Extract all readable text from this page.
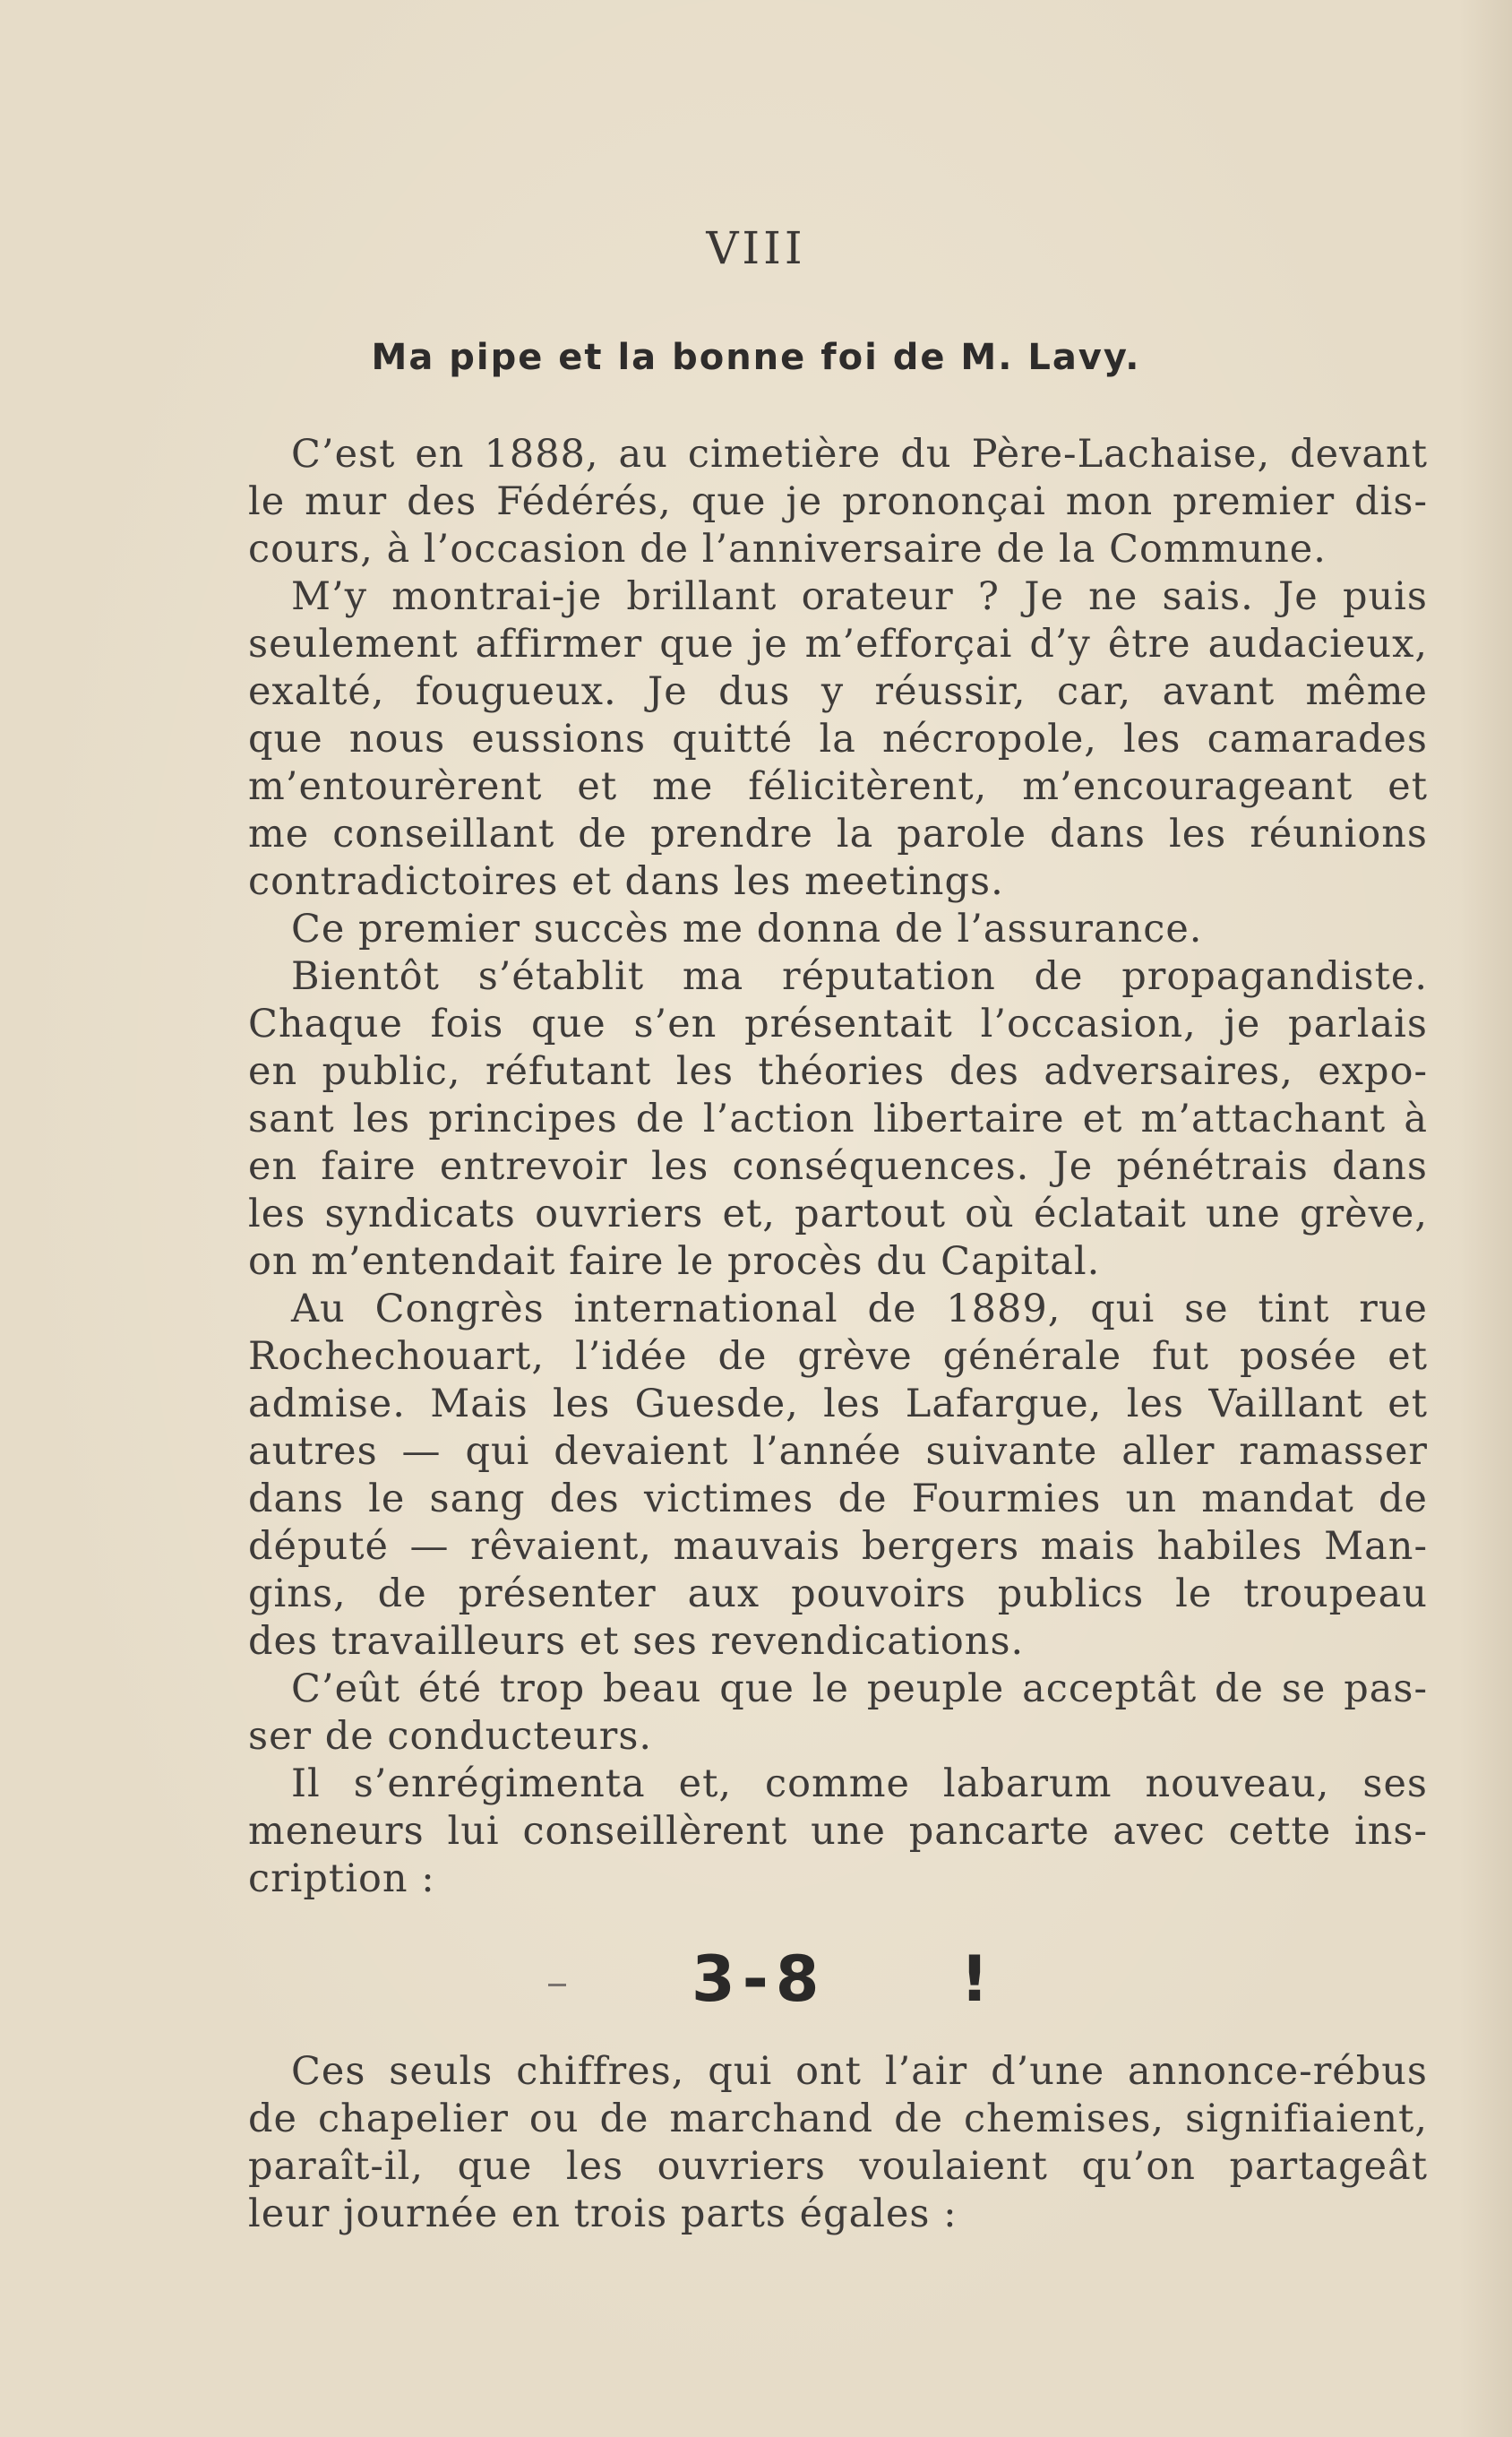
VIII
Ma pipe et la bonne foi de M. Lavy.
C’est en 1888, au cimetière du Père-Lachaise, devant
le mur des Fédérés, que je prononçai mon premier dis-
cours, à l’occasion de l’anniversaire de la Commune.
M’y montrai-je brillant orateur ? Je ne sais. Je puis
seulement affirmer que je m’efforçai d’y être audacieux,
exalté, fougueux. Je dus y réussir, car, avant même
que nous eussions quitté la nécropole, les camarades
m’entourèrent et me félicitèrent, m’encourageant et
me conseillant de prendre la parole dans les réunions
contradictoires et dans les meetings.
Ce premier succès me donna de l’assurance.
Bientôt s’établit ma réputation de propagandiste.
Chaque fois que s’en présentait l’occasion, je parlais
en public, réfutant les théories des adversaires, expo-
sant les principes de l’action libertaire et m’attachant à
en faire entrevoir les conséquences. Je pénétrais dans
les syndicats ouvriers et, partout où éclatait une grève,
on m’entendait faire le procès du Capital.
Au Congrès international de 1889, qui se tint rue
Rochechouart, l’idée de grève générale fut posée et
admise. Mais les Guesde, les Lafargue, les Vaillant et
autres — qui devaient l’année suivante aller ramasser
dans le sang des victimes de Fourmies un mandat de
député — rêvaient, mauvais bergers mais habiles Man-
gins, de présenter aux pouvoirs publics le troupeau
des travailleurs et ses revendications.
C’eût été trop beau que le peuple acceptât de se pas-
ser de conducteurs.
Il s’enrégimenta et, comme labarum nouveau, ses
meneurs lui conseillèrent une pancarte avec cette ins-
cription :
3-8 !
Ces seuls chiffres, qui ont l’air d’une annonce-rébus
de chapelier ou de marchand de chemises, signifiaient,
paraît-il, que les ouvriers voulaient qu’on partageât
leur journée en trois parts égales :
